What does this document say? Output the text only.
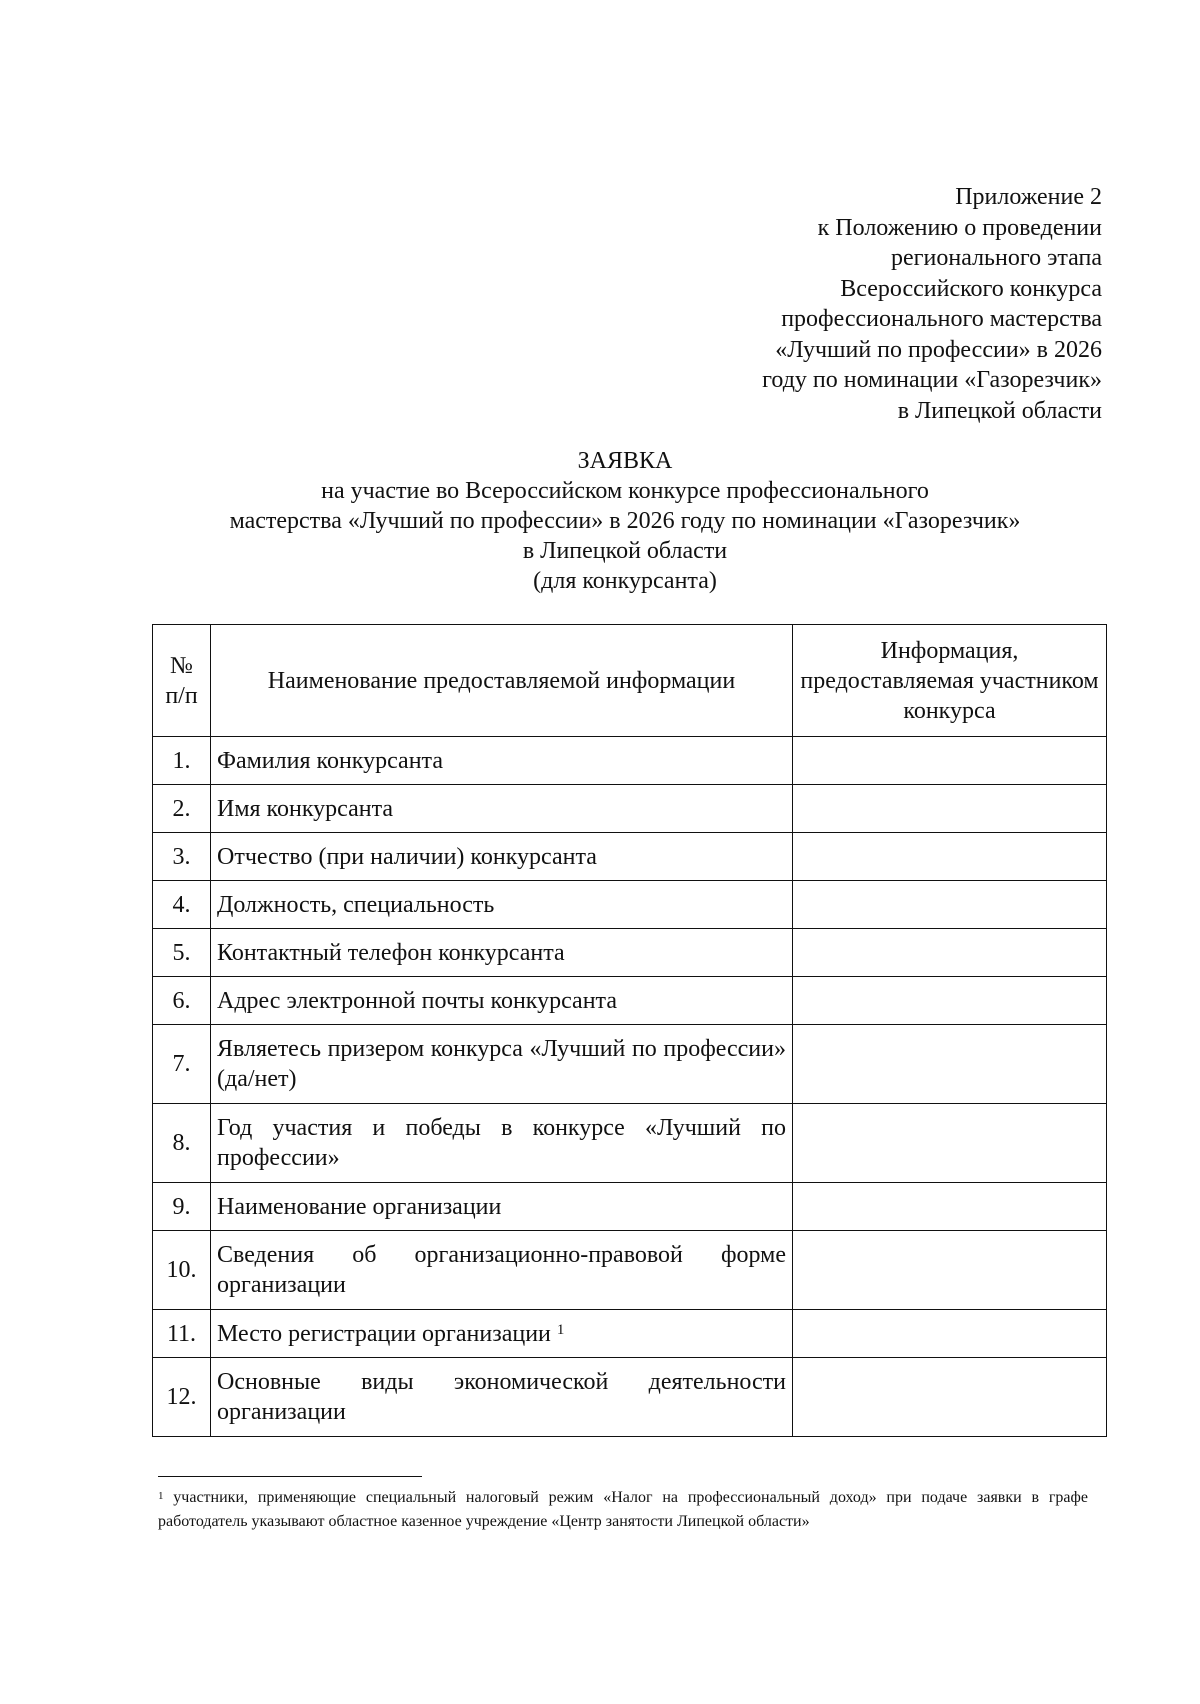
Приложение 2
к Положению о проведении
регионального этапа
Всероссийского конкурса
профессионального мастерства
«Лучший по профессии» в 2026
году по номинации «Газорезчик»
в Липецкой области
ЗАЯВКА
на участие во Всероссийском конкурсе профессионального
мастерства «Лучший по профессии» в 2026 году по номинации «Газорезчик»
в Липецкой области
(для конкурсанта)
№ п/п	Наименование предоставляемой информации	Информация, предоставляемая участником конкурса
1.	Фамилия конкурсанта	
2.	Имя конкурсанта	
3.	Отчество (при наличии) конкурсанта	
4.	Должность, специальность	
5.	Контактный телефон конкурсанта	
6.	Адрес электронной почты конкурсанта	
7.	Являетесь призером конкурса «Лучший по профессии» (да/нет)	
8.	Год участия и победы в конкурсе «Лучший по профессии»	
9.	Наименование организации	
10.	Сведения об организационно-правовой форме организации	
11.	Место регистрации организации $^1$	
12.	Основные виды экономической деятельности организации	
$^1$ участники, применяющие специальный налоговый режим «Налог на профессиональный доход» при подаче заявки в графе работодатель указывают областное казенное учреждение «Центр занятости Липецкой области»
